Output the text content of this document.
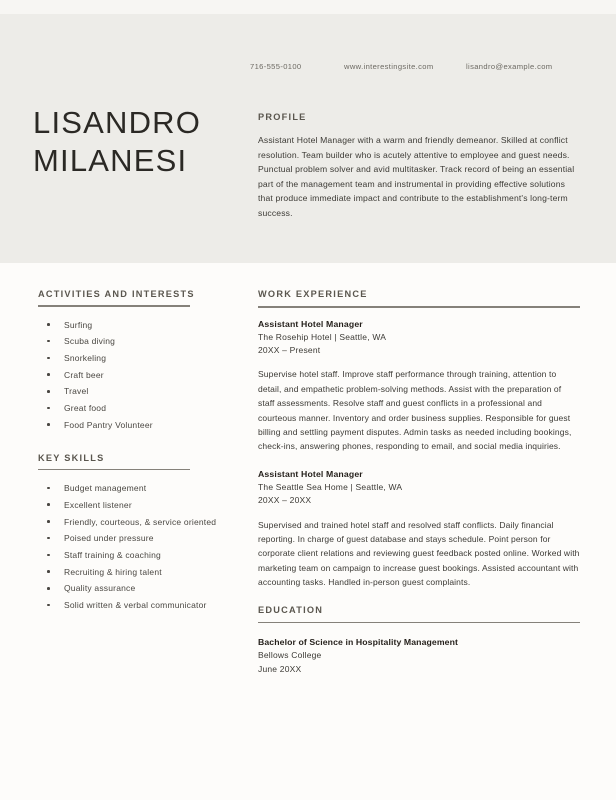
716-555-0100	www.interestingsite.com	lisandro@example.com
LISANDRO
MILANESI
PROFILE

Assistant Hotel Manager with a warm and friendly demeanor. Skilled at conflict resolution. Team builder who is acutely attentive to employee and guest needs. Punctual problem solver and avid multitasker. Track record of being an essential part of the management team and instrumental in providing effective solutions that produce immediate impact and contribute to the establishment's long-term success.

ACTIVITIES AND INTERESTS
Surfing
Scuba diving
Snorkeling
Craft beer
Travel
Great food
Food Pantry Volunteer
KEY SKILLS
Budget management
Excellent listener
Friendly, courteous, & service oriented
Poised under pressure
Staff training & coaching
Recruiting & hiring talent
Quality assurance
Solid written & verbal communicator
WORK EXPERIENCE
Assistant Hotel Manager
The Rosehip Hotel | Seattle, WA
20XX – Present

Supervise hotel staff. Improve staff performance through training, attention to detail, and empathetic problem-solving methods. Assist with the preparation of staff assessments. Resolve staff and guest conflicts in a professional and courteous manner. Inventory and order business supplies. Responsible for guest billing and settling payment disputes. Admin tasks as needed including bookings, check-ins, answering phones, responding to email, and social media inquiries.

Assistant Hotel Manager
The Seattle Sea Home | Seattle, WA
20XX – 20XX

Supervised and trained hotel staff and resolved staff conflicts. Daily financial reporting. In charge of guest database and stays schedule. Point person for corporate client relations and reviewing guest feedback posted online. Worked with marketing team on campaign to increase guest bookings. Assisted accountant with accounting tasks. Handled in-person guest complaints.

EDUCATION
Bachelor of Science in Hospitality Management
Bellows College
June 20XX
